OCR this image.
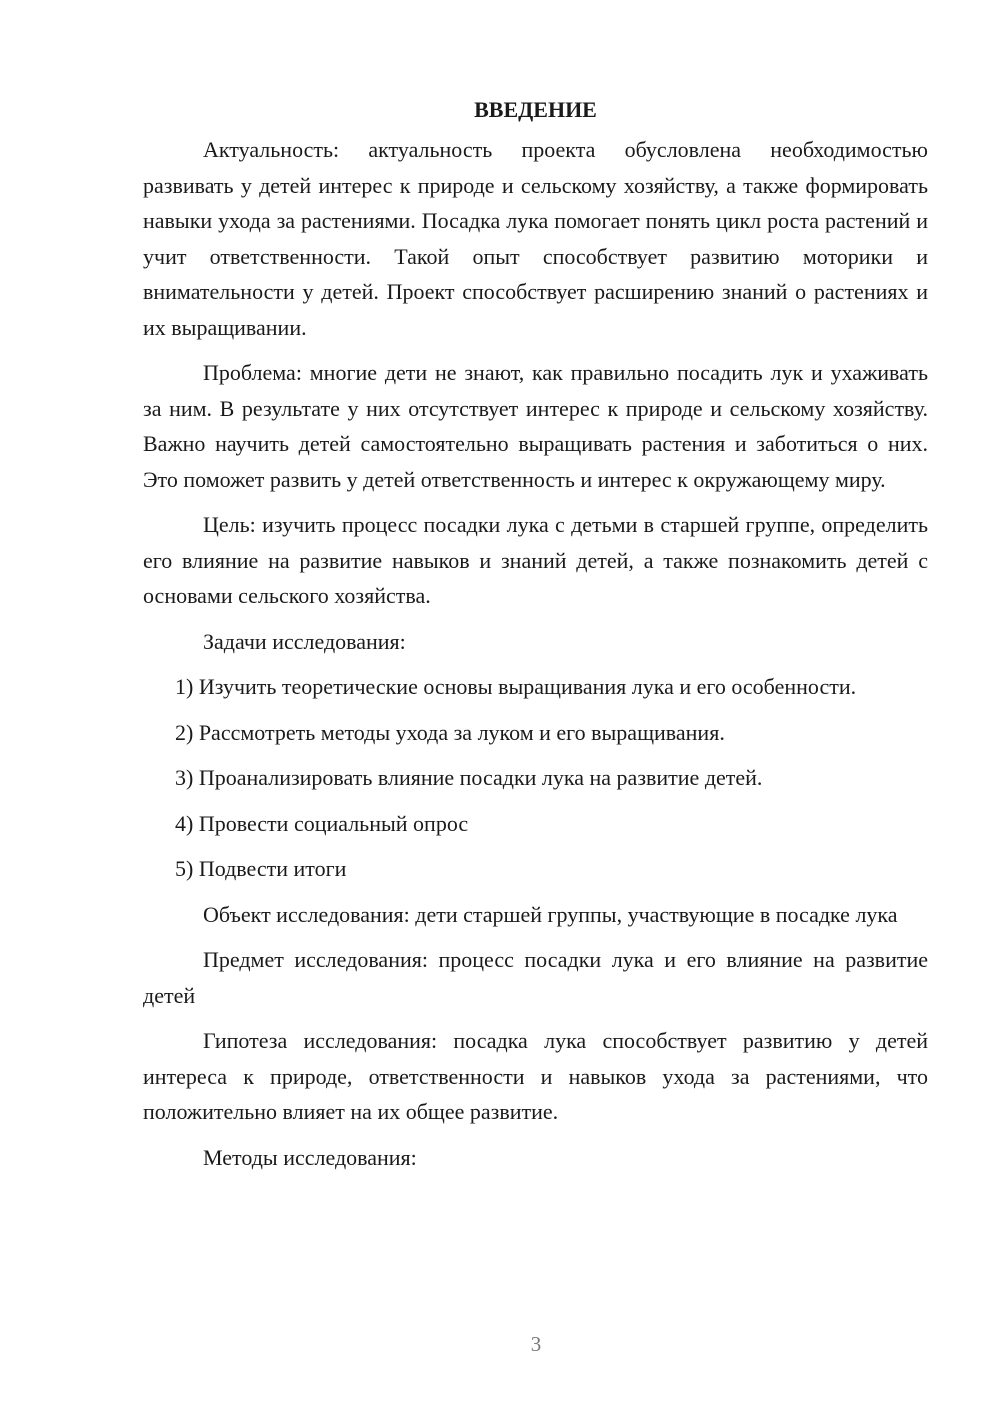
ВВЕДЕНИЕ

Актуальность: актуальность проекта обусловлена необходимостью развивать у детей интерес к природе и сельскому хозяйству, а также формировать навыки ухода за растениями. Посадка лука помогает понять цикл роста растений и учит ответственности. Такой опыт способствует развитию моторики и внимательности у детей. Проект способствует расширению знаний о растениях и их выращивании.

Проблема: многие дети не знают, как правильно посадить лук и ухаживать за ним. В результате у них отсутствует интерес к природе и сельскому хозяйству. Важно научить детей самостоятельно выращивать растения и заботиться о них. Это поможет развить у детей ответственность и интерес к окружающему миру.

Цель: изучить процесс посадки лука с детьми в старшей группе, определить его влияние на развитие навыков и знаний детей, а также познакомить детей с основами сельского хозяйства.

Задачи исследования:

1) Изучить теоретические основы выращивания лука и его особенности.

2) Рассмотреть методы ухода за луком и его выращивания.

3) Проанализировать влияние посадки лука на развитие детей.

4) Провести социальный опрос

5) Подвести итоги

Объект исследования: дети старшей группы, участвующие в посадке лука

Предмет исследования: процесс посадки лука и его влияние на развитие детей

Гипотеза исследования: посадка лука способствует развитию у детей интереса к природе, ответственности и навыков ухода за растениями, что положительно влияет на их общее развитие.

Методы исследования:

3
